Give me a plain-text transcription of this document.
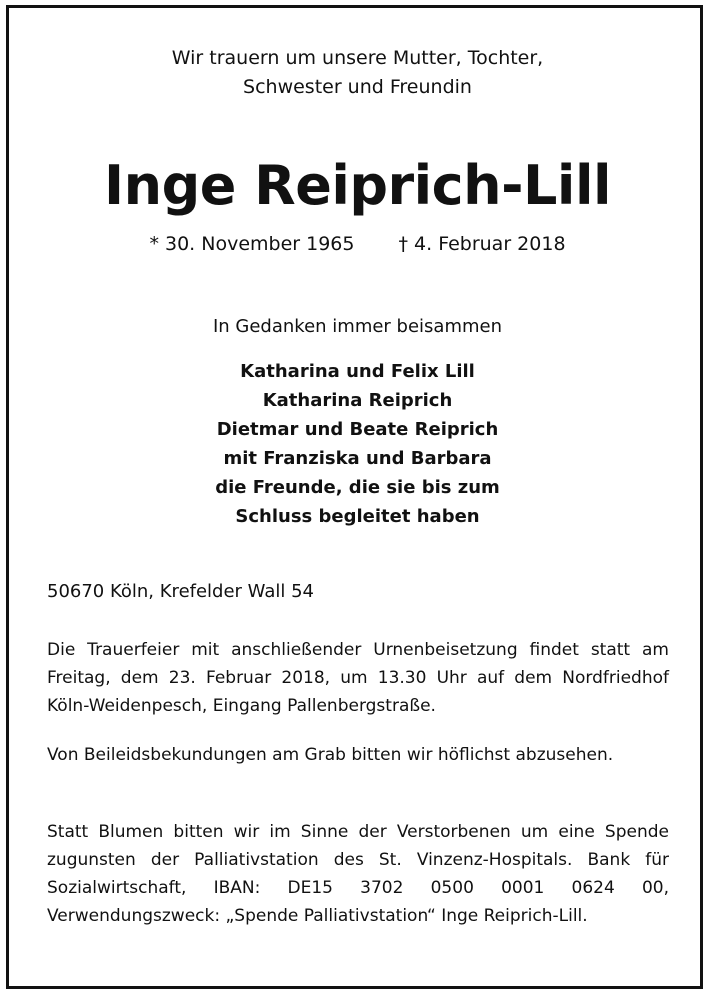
Wir trauern um unsere Mutter, Tochter,
Schwester und Freundin
Inge Reiprich-Lill
* 30. November 1965 † 4. Februar 2018
In Gedanken immer beisammen
Katharina und Felix Lill
Katharina Reiprich
Dietmar und Beate Reiprich
mit Franziska und Barbara
die Freunde, die sie bis zum
Schluss begleitet haben
50670 Köln, Krefelder Wall 54
Die Trauerfeier mit anschließender Urnenbeisetzung findet statt am Freitag, dem 23. Februar 2018, um 13.30 Uhr auf dem Nordfriedhof Köln-Weidenpesch, Eingang Pallenbergstraße.
Von Beileidsbekundungen am Grab bitten wir höflichst abzusehen.
Statt Blumen bitten wir im Sinne der Verstorbenen um eine Spende zugunsten der Palliativstation des St. Vinzenz-Hospitals. Bank für Sozialwirtschaft, IBAN: DE15 3702 0500 0001 0624 00, Verwendungszweck: „Spende Palliativstation“ Inge Reiprich-Lill.
